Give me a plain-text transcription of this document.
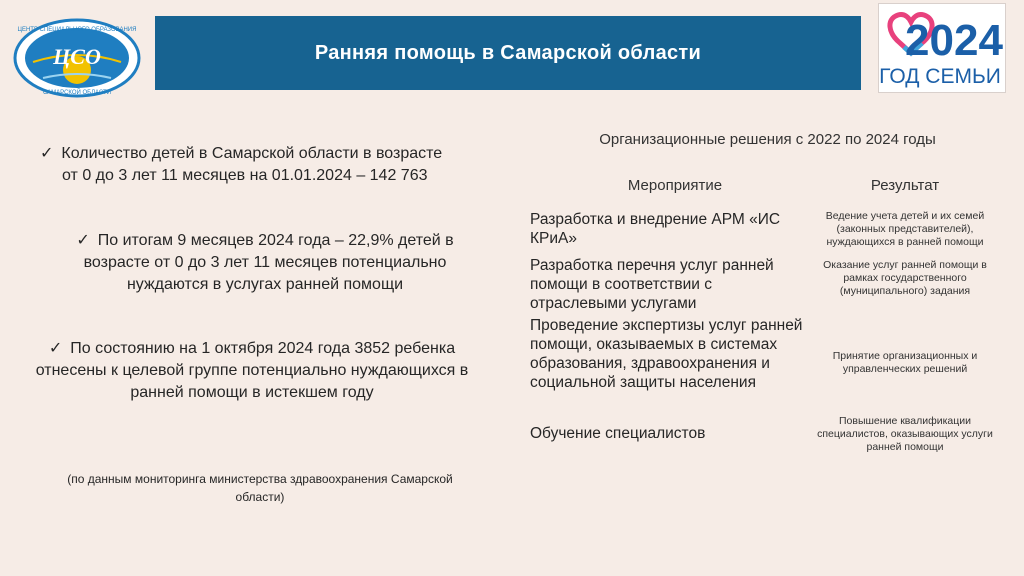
ЦСО
ЦЕНТР СПЕЦИАЛЬНОГО ОБРАЗОВАНИЯ
САМАРСКОЙ ОБЛАСТИ
Ранняя помощь в Самарской области	2024
ГОД СЕМЬИ
✓ Количество детей в Самарской области в возрасте
от 0 до 3 лет 11 месяцев на 01.01.2024 – 142 763
✓ По итогам 9 месяцев 2024 года – 22,9% детей в возрасте от 0 до 3 лет 11 месяцев потенциально нуждаются в услугах ранней помощи
✓ По состоянию на 1 октября 2024 года 3852 ребенка отнесены к целевой группе потенциально нуждающихся в ранней помощи в истекшем году
(по данным мониторинга министерства здравоохранения Самарской области)
Организационные решения с 2022 по 2024 годы
Мероприятие	Результат
Разработка и внедрение АРМ «ИС КРиА»
Разработка перечня услуг ранней помощи в соответствии с отраслевыми услугами
Проведение экспертизы услуг ранней помощи, оказываемых в системах образования, здравоохранения и социальной защиты населения
Обучение специалистов
Ведение учета детей и их семей (законных представителей), нуждающихся в ранней помощи
Оказание услуг ранней помощи в рамках государственного (муниципального) задания
Принятие организационных и управленческих решений
Повышение квалификации специалистов, оказывающих услуги ранней помощи
